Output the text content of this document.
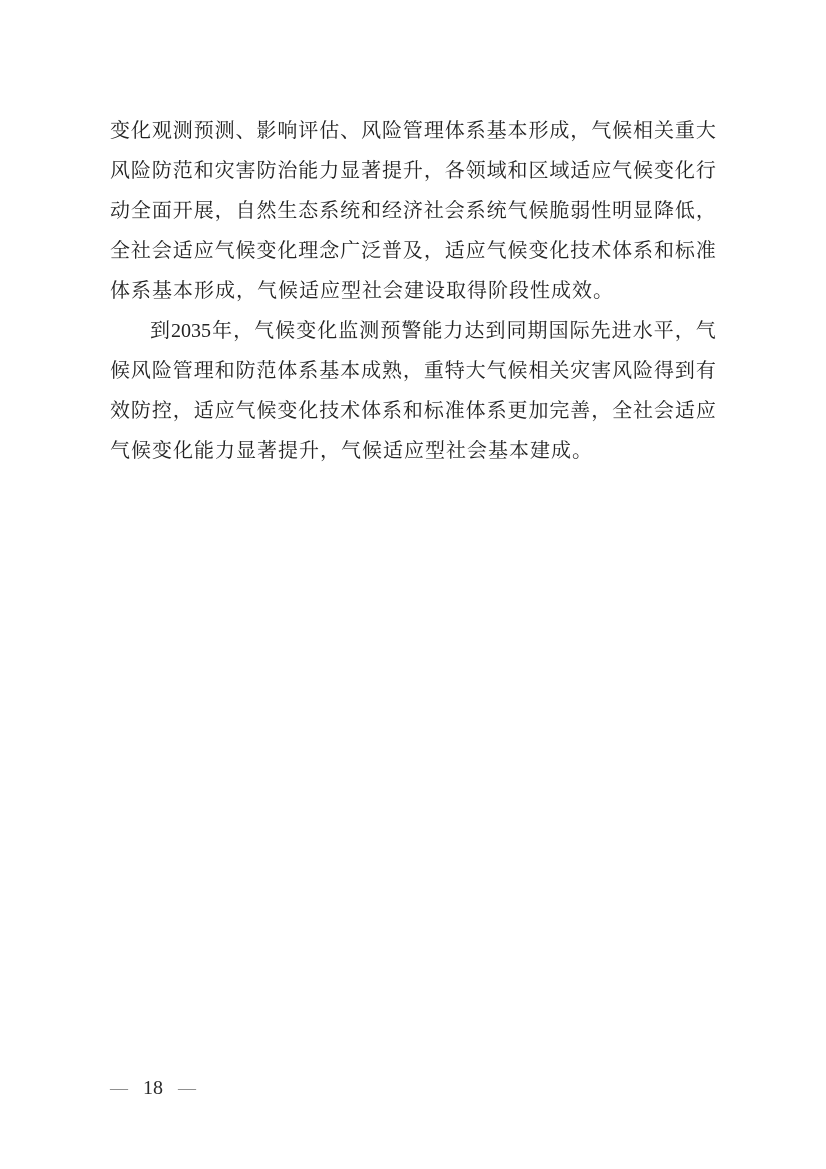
变 化 观 测 预 测 、 影 响 评 估 、 风 险 管 理 体 系 基 本 形 成 ， 气 候 相 关 重 大
风 险 防 范 和 灾 害 防 治 能 力 显 著 提 升 ， 各 领 域 和 区 域 适 应 气 候 变 化 行
动 全 面 开 展 ， 自 然 生 态 系 统 和 经 济 社 会 系 统 气 候 脆 弱 性 明 显 降 低 ，
全 社 会 适 应 气 候 变 化 理 念 广 泛 普 及 ， 适 应 气 候 变 化 技 术 体 系 和 标 准
体系基本形成，气候适应型社会建设取得阶段性成效。
到 2035 年 ， 气 候 变 化 监 测 预 警 能 力 达 到 同 期 国 际 先 进 水 平 ， 气
候 风 险 管 理 和 防 范 体 系 基 本 成 熟 ， 重 特 大 气 候 相 关 灾 害 风 险 得 到 有
效 防 控 ， 适 应 气 候 变 化 技 术 体 系 和 标 准 体 系 更 加 完 善 ， 全 社 会 适 应
气候变化能力显著提升，气候适应型社会基本建成。
— 18 —
